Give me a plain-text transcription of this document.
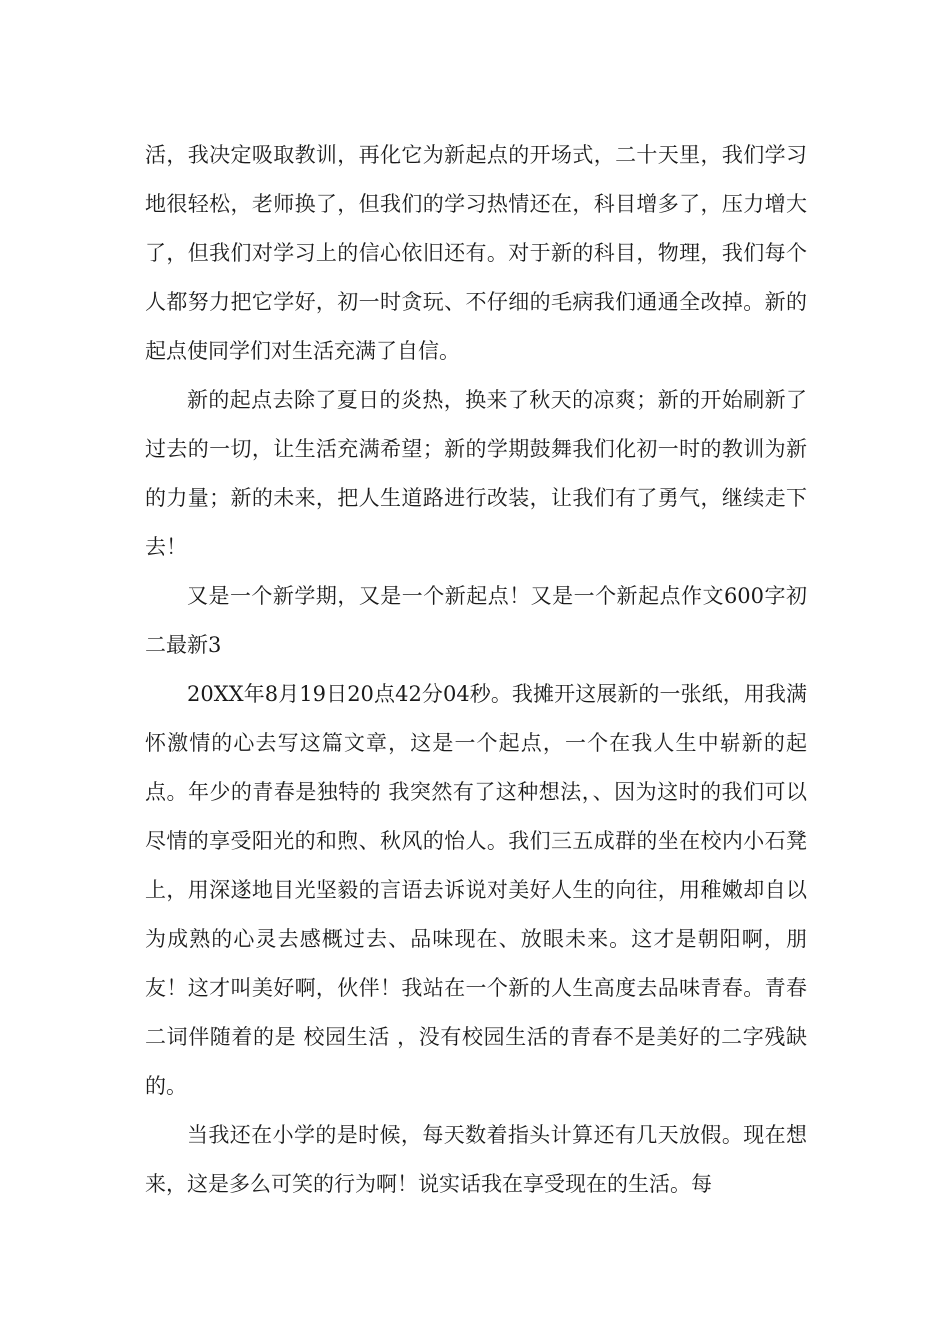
活，我决定吸取教训，再化它为新起点的开场式，二十天里，我们学习地很轻松，老师换了，但我们的学习热情还在，科目增多了，压力增大了，但我们对学习上的信心依旧还有。对于新的科目，物理，我们每个人都努力把它学好，初一时贪玩、不仔细的毛病我们通通全改掉。新的起点使同学们对生活充满了自信。

新的起点去除了夏日的炎热，换来了秋天的凉爽；新的开始刷新了过去的一切，让生活充满希望；新的学期鼓舞我们化初一时的教训为新的力量；新的未来，把人生道路进行改装，让我们有了勇气，继续走下去！

又是一个新学期，又是一个新起点！又是一个新起点作文600字初二最新3

20XX年8月19日20点42分04秒。我摊开这展新的一张纸，用我满怀激情的心去写这篇文章，这是一个起点，一个在我人生中崭新的起点。年少的青春是独特的 我突然有了这种想法，、因为这时的我们可以尽情的享受阳光的和煦、秋风的怡人。我们三五成群的坐在校内小石凳上，用深遂地目光坚毅的言语去诉说对美好人生的向往，用稚嫩却自以为成熟的心灵去感概过去、品味现在、放眼未来。这才是朝阳啊，朋友！这才叫美好啊，伙伴！我站在一个新的人生高度去品味青春。青春二词伴随着的是 校园生活 ，没有校园生活的青春不是美好的二字残缺的。

当我还在小学的是时候，每天数着指头计算还有几天放假。现在想来，这是多么可笑的行为啊！说实话我在享受现在的生活。每
